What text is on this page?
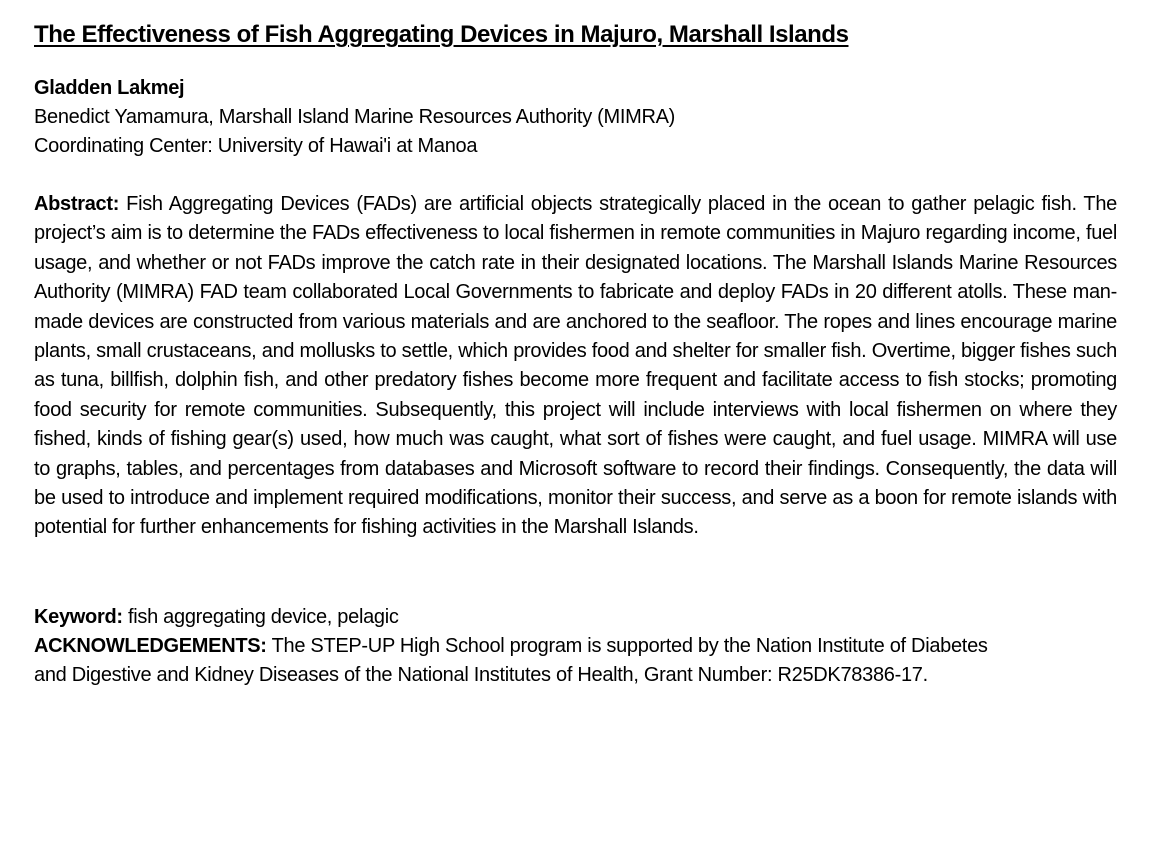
The Effectiveness of Fish Aggregating Devices in Majuro, Marshall Islands
Gladden Lakmej
Benedict Yamamura, Marshall Island Marine Resources Authority (MIMRA)
Coordinating Center: University of Hawai'i at Manoa

Abstract: Fish Aggregating Devices (FADs) are artificial objects strategically placed in the ocean to gather pelagic fish. The project’s aim is to determine the FADs effectiveness to local fishermen in remote communities in Majuro regarding income, fuel usage, and whether or not FADs improve the catch rate in their designated locations. The Marshall Islands Marine Resources Authority (MIMRA) FAD team collaborated Local Governments to fabricate and deploy FADs in 20 different atolls. These man-made devices are constructed from various materials and are anchored to the seafloor. The ropes and lines encourage marine plants, small crustaceans, and mollusks to settle, which provides food and shelter for smaller fish. Overtime, bigger fishes such as tuna, billfish, dolphin fish, and other predatory fishes become more frequent and facilitate access to fish stocks; promoting food security for remote communities. Subsequently, this project will include interviews with local fishermen on where they fished, kinds of fishing gear(s) used, how much was caught, what sort of fishes were caught, and fuel usage. MIMRA will use to graphs, tables, and percentages from databases and Microsoft software to record their findings. Consequently, the data will be used to introduce and implement required modifications, monitor their success, and serve as a boon for remote islands with potential for further enhancements for fishing activities in the Marshall Islands.

Keyword: fish aggregating device, pelagic
ACKNOWLEDGEMENTS: The STEP-UP High School program is supported by the Nation Institute of Diabetes
and Digestive and Kidney Diseases of the National Institutes of Health, Grant Number: R25DK78386-17.
